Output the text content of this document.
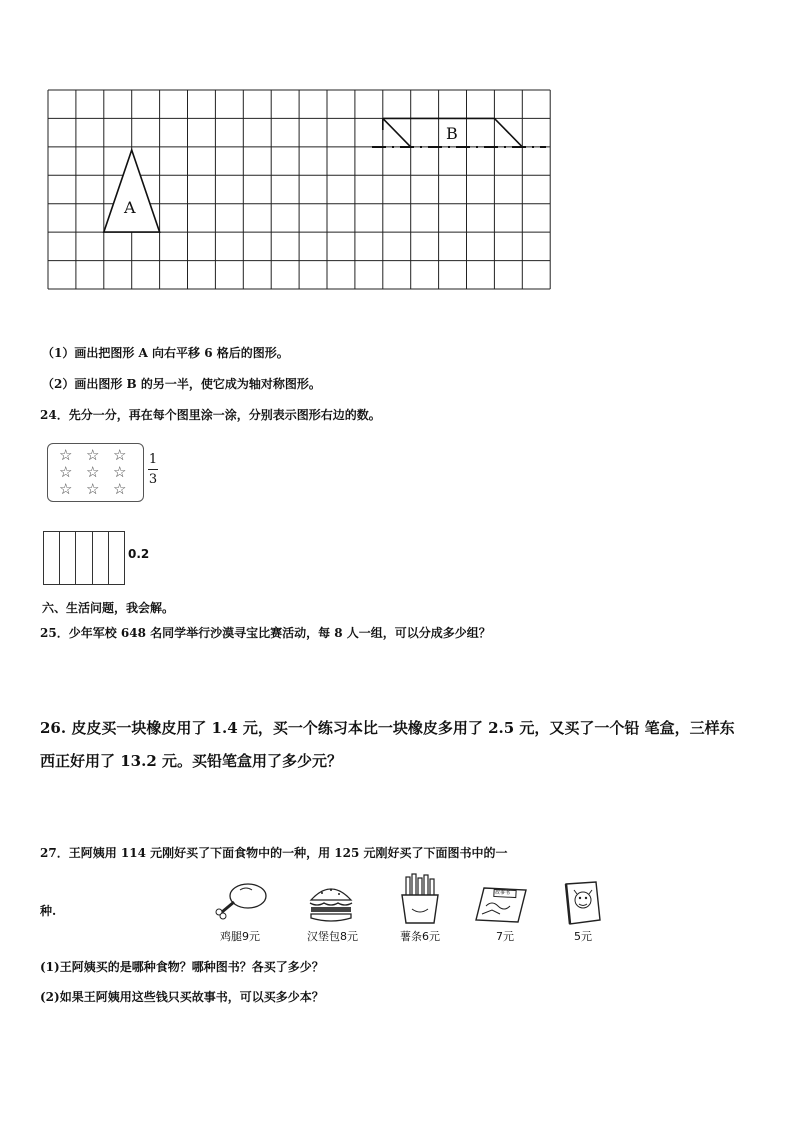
A
B
（1）画出把图形 A 向右平移 6 格后的图形。
（2）画出图形 B 的另一半，使它成为轴对称图形。
24．先分一分，再在每个图里涂一涂，分别表示图形右边的数。
☆ ☆ ☆
☆ ☆ ☆
☆ ☆ ☆
1
3
0.2
六、生活问题，我会解。
25．少年军校 648 名同学举行沙漠寻宝比赛活动，每 8 人一组，可以分成多少组？
26. 皮皮买一块橡皮用了 1.4 元，买一个练习本比一块橡皮多用了 2.5 元，又买了一个铅 笔盒，三样东
西正好用了 13.2 元。买铅笔盒用了多少元？
27．王阿姨用 114 元刚好买了下面食物中的一种，用 125 元刚好买了下面图书中的一
种.
鸡腿9元	汉堡包8元	薯条6元
故事书
7元	5元
(1)王阿姨买的是哪种食物？哪种图书？各买了多少？
(2)如果王阿姨用这些钱只买故事书，可以买多少本？
